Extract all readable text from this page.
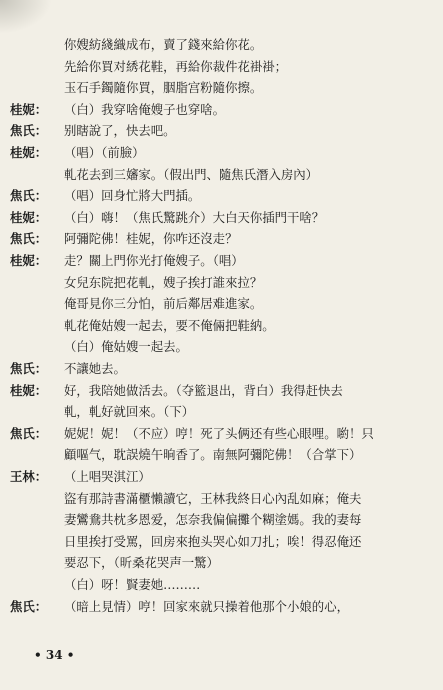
你嫂紡綫織成布，賣了錢來給你花。
先給你買对綉花鞋，再給你裁件花褂褂；
玉石手鐲隨你買，胭脂宫粉隨你擦。
桂妮：	（白）我穿啥俺嫂子也穿啥。
焦氏：	别瞎說了，快去吧。
桂妮：	（唱）（前臉）
軋花去到三嬸家。（假出門、隨焦氏潛入房內）
焦氏：	（唱）回身忙將大門插。
桂妮：	（白）嗨！（焦氏驚跳介）大白天你插門干啥？
焦氏：	阿彌陀佛！桂妮，你咋还沒走？
桂妮：	走？關上門你光打俺嫂子。（唱）
女兒东院把花軋，嫂子挨打誰來拉？
俺哥見你三分怕，前后鄰居难進家。
軋花俺姑嫂一起去，要不俺倆把鞋納。
（白）俺姑嫂一起去。
焦氏：	不讓她去。
桂妮：	好，我陪她做活去。（夺籃退出，背白）我得赶快去
軋，軋好就回來。（下）
焦氏：	妮妮！妮！（不应）哼！死了头俩还有些心眼哩。喲！只
顧嘔气，耽誤燒午晌香了。南無阿彌陀佛！（合掌下）
王林：	（上唱哭淇江）
盜有那詩書滿櫃懶讀它，王林我終日心內乱如麻；俺夫
妻鸞鴦共枕多恩爱，怎奈我偏偏攤个糊塗媽。我的妻每
日里挨打受罵，回房來抱头哭心如刀扎；唉！得忍俺还
要忍下，（昕桑花哭声一驚）
（白）呀！賢妻她………
焦氏：	（暗上見情）哼！回家來就只操着他那个小娘的心，
• 34 •
